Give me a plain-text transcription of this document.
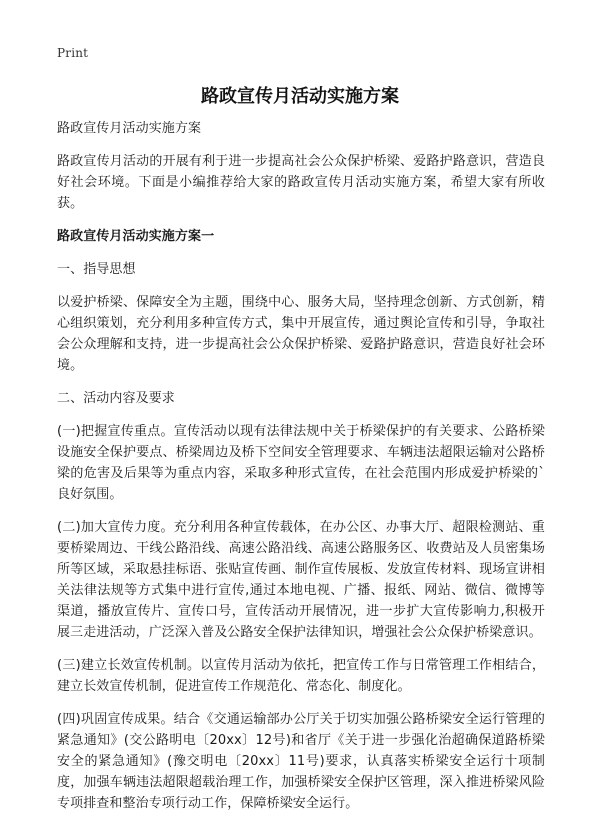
Print
路政宣传月活动实施方案

路政宣传月活动实施方案

路政宣传月活动的开展有利于进一步提高社会公众保护桥梁、爱路护路意识，营造良好社会环境。下面是小编推荐给大家的路政宣传月活动实施方案，希望大家有所收获。

路政宣传月活动实施方案一

一、指导思想

以爱护桥梁、保障安全为主题，围绕中心、服务大局，坚持理念创新、方式创新，精心组织策划，充分利用多种宣传方式，集中开展宣传，通过舆论宣传和引导，争取社会公众理解和支持，进一步提高社会公众保护桥梁、爱路护路意识，营造良好社会环境。

二、活动内容及要求

(一)把握宣传重点。宣传活动以现有法律法规中关于桥梁保护的有关要求、公路桥梁设施安全保护要点、桥梁周边及桥下空间安全管理要求、车辆违法超限运输对公路桥梁的危害及后果等为重点内容，采取多种形式宣传，在社会范围内形成爱护桥梁的`良好氛围。

(二)加大宣传力度。充分利用各种宣传载体，在办公区、办事大厅、超限检测站、重要桥梁周边、干线公路沿线、高速公路沿线、高速公路服务区、收费站及人员密集场所等区域，采取悬挂标语、张贴宣传画、制作宣传展板、发放宣传材料、现场宣讲相关法律法规等方式集中进行宣传,通过本地电视、广播、报纸、网站、微信、微博等渠道，播放宣传片、宣传口号，宣传活动开展情况，进一步扩大宣传影响力,积极开展三走进活动，广泛深入普及公路安全保护法律知识，增强社会公众保护桥梁意识。

(三)建立长效宣传机制。以宣传月活动为依托，把宣传工作与日常管理工作相结合，建立长效宣传机制，促进宣传工作规范化、常态化、制度化。

(四)巩固宣传成果。结合《交通运输部办公厅关于切实加强公路桥梁安全运行管理的紧急通知》(交公路明电〔20xx〕12号)和省厅《关于进一步强化治超确保道路桥梁安全的紧急通知》(豫交明电〔20xx〕11号)要求，认真落实桥梁安全运行十项制度，加强车辆违法超限超载治理工作，加强桥梁安全保护区管理，深入推进桥梁风险专项排查和整治专项行动工作，保障桥梁安全运行。
